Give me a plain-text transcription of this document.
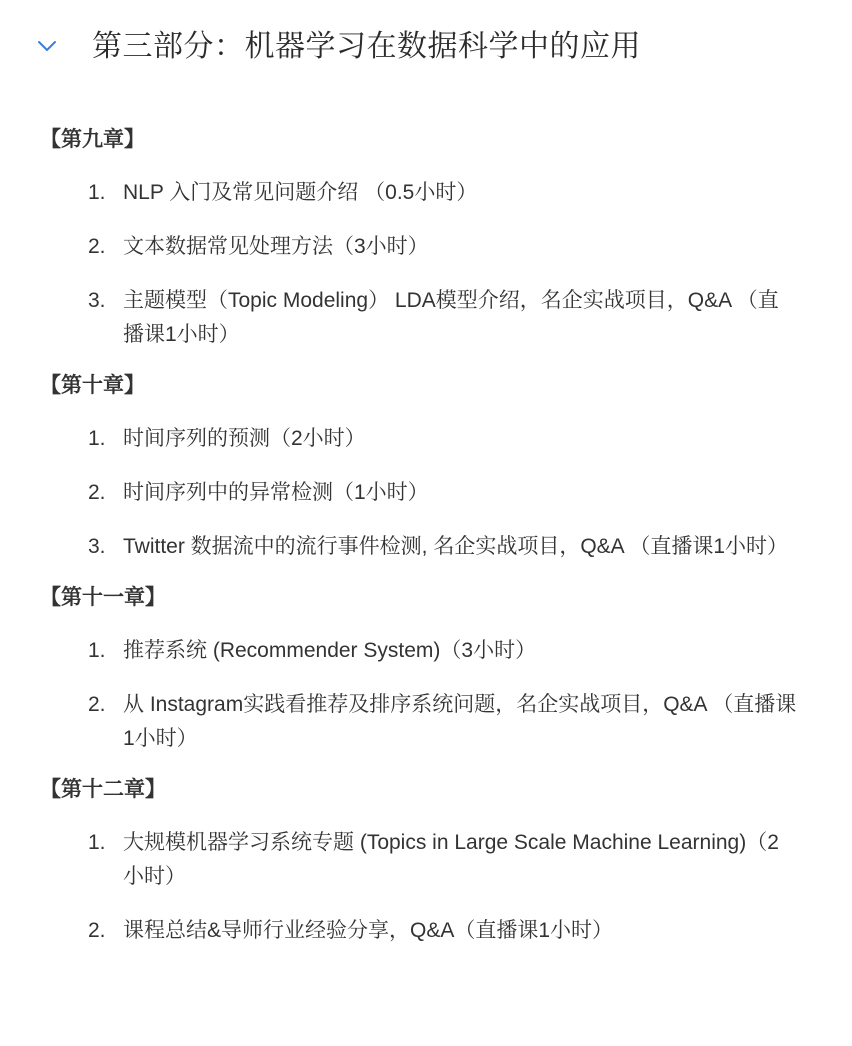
第三部分：机器学习在数据科学中的应用
【第九章】
1. NLP 入门及常见问题介绍 （0.5小时）
2. 文本数据常见处理方法（3小时）
3. 主题模型（Topic Modeling） LDA模型介绍，名企实战项目，Q&A （直播课1小时）
【第十章】
1. 时间序列的预测（2小时）
2. 时间序列中的异常检测（1小时）
3. Twitter 数据流中的流行事件检测, 名企实战项目，Q&A （直播课1小时）
【第十一章】
1. 推荐系统 (Recommender System)（3小时）
2. 从 Instagram实践看推荐及排序系统问题，名企实战项目，Q&A （直播课1小时）
【第十二章】
1. 大规模机器学习系统专题 (Topics in Large Scale Machine Learning)（2小时）
2. 课程总结&导师行业经验分享，Q&A（直播课1小时）
